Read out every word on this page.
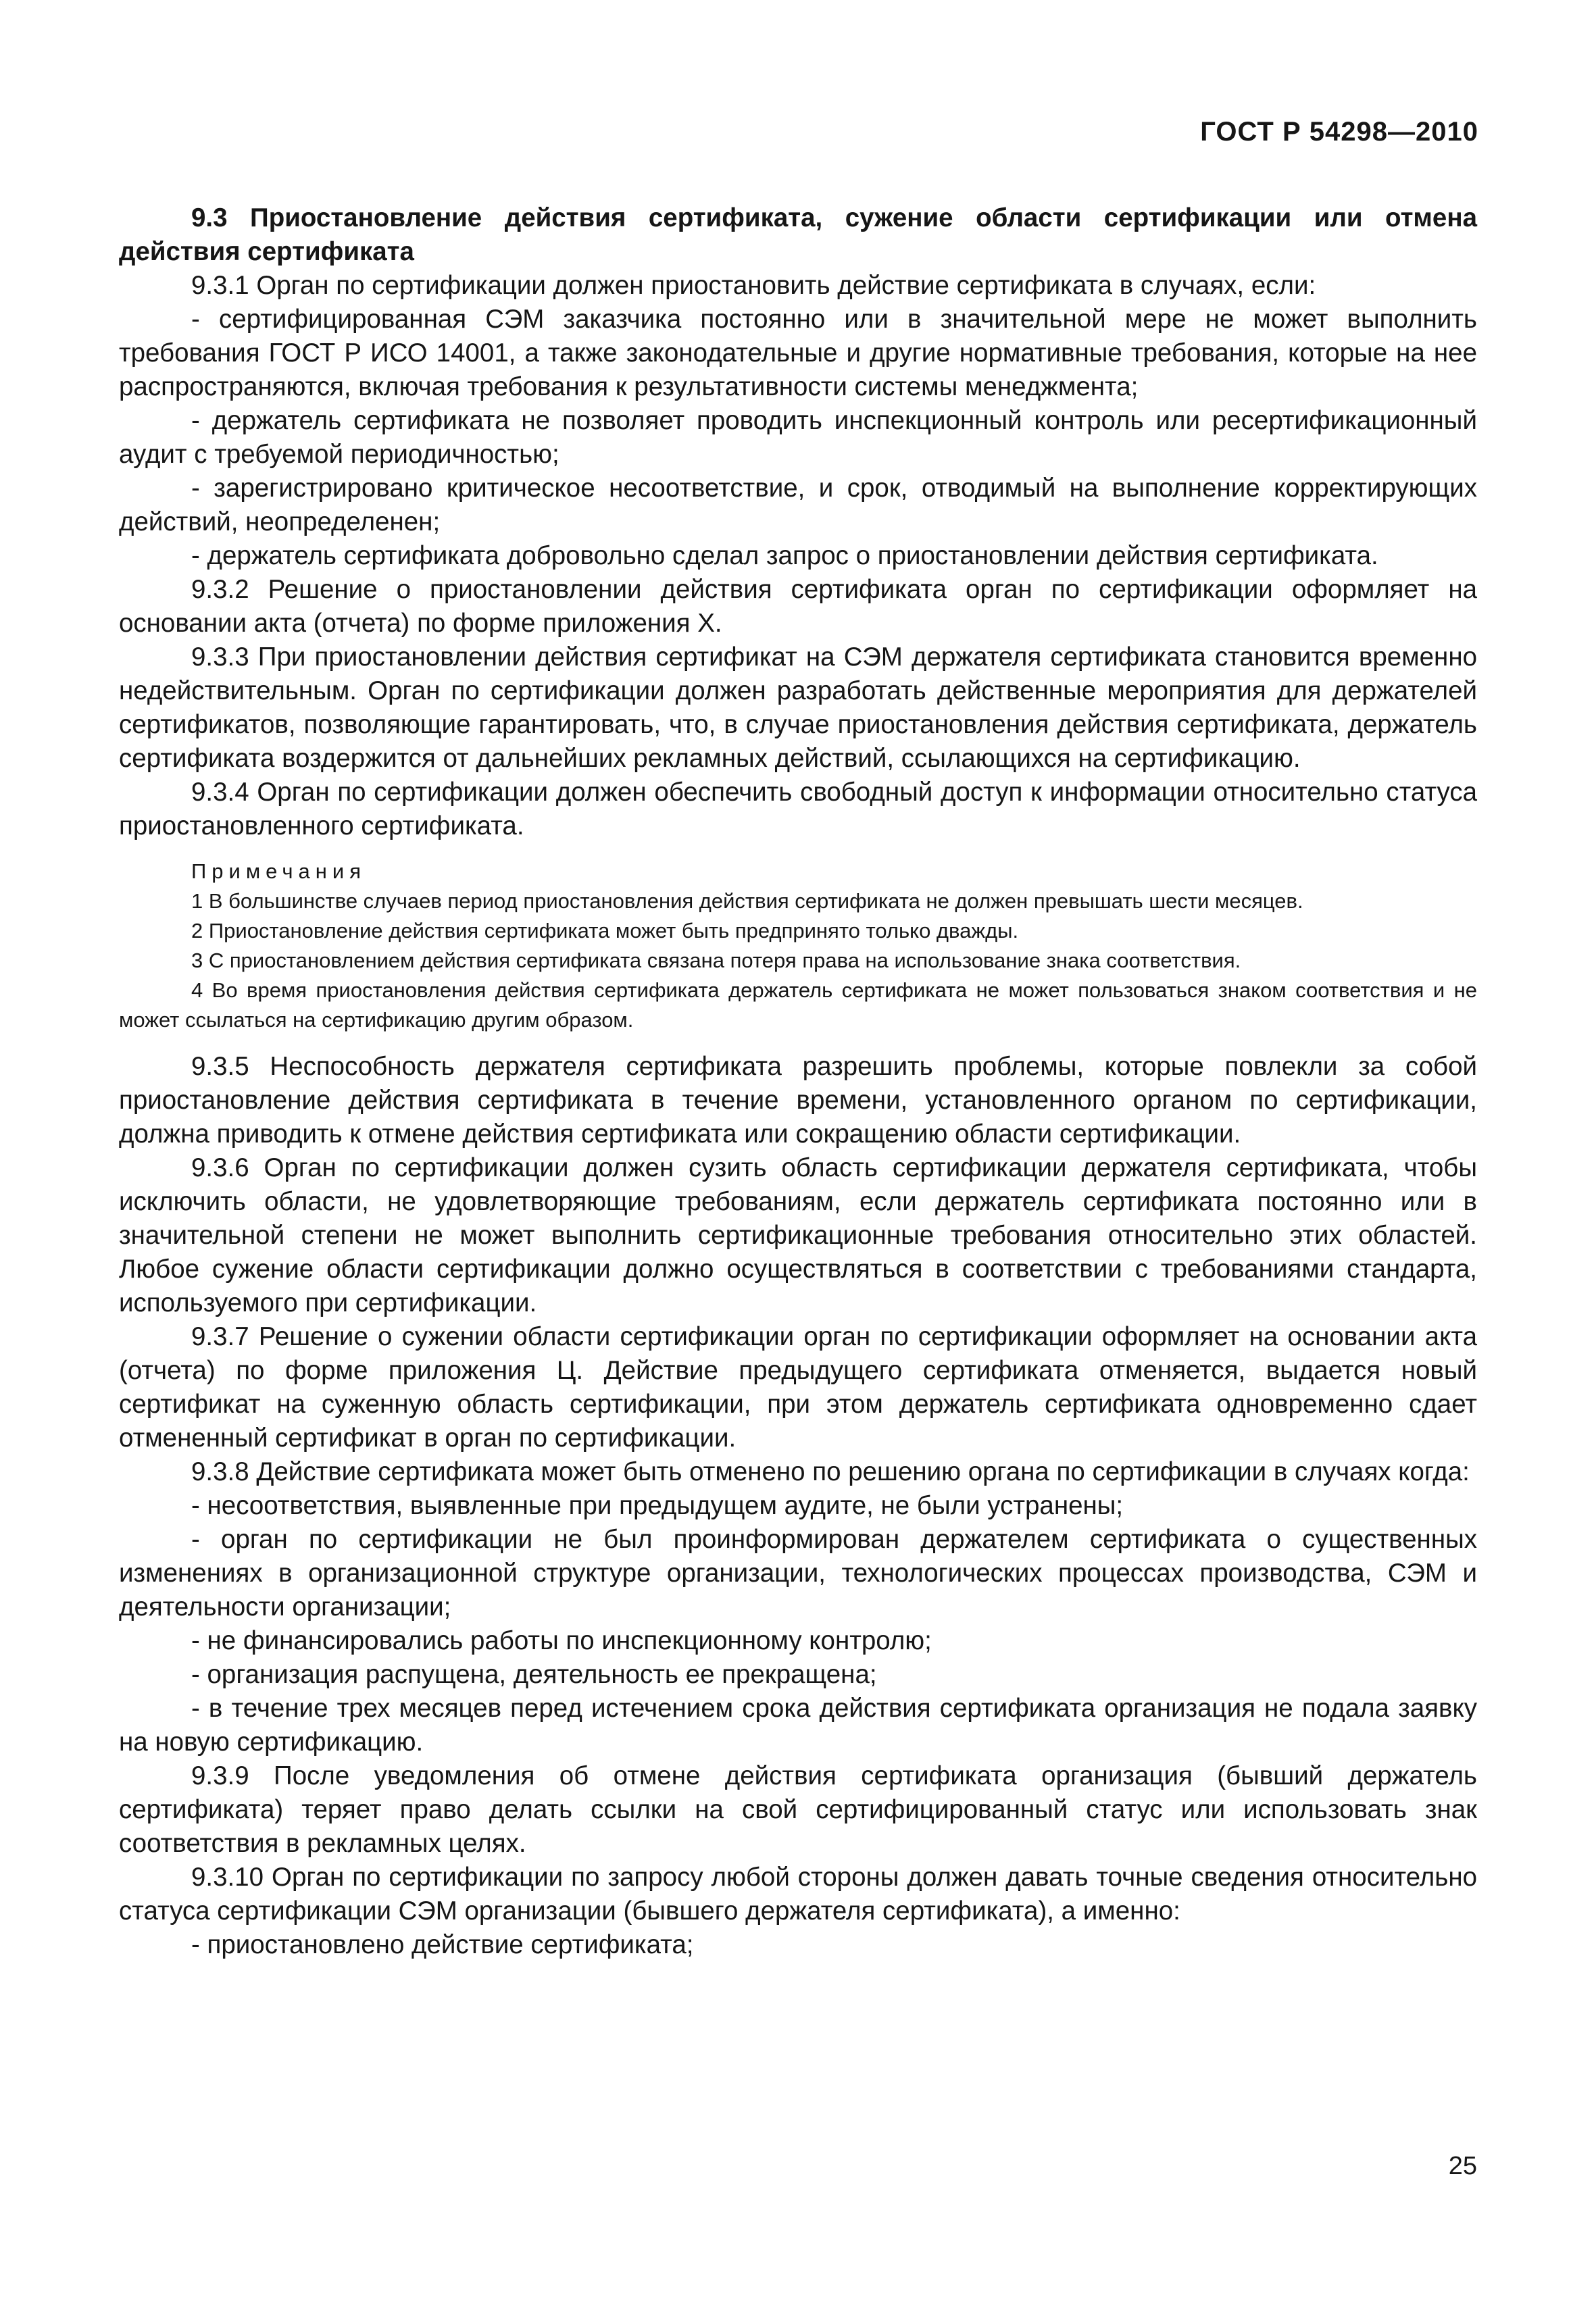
ГОСТ Р 54298—2010

9.3 Приостановление действия сертификата, сужение области сертификации или отмена действия сертификата

9.3.1 Орган по сертификации должен приостановить действие сертификата в случаях, если:

- сертифицированная СЭМ заказчика постоянно или в значительной мере не может выполнить требования ГОСТ Р ИСО 14001, а также законодательные и другие нормативные требования, которые на нее распространяются, включая требования к результативности системы менеджмента;

- держатель сертификата не позволяет проводить инспекционный контроль или ресертификационный аудит с требуемой периодичностью;

- зарегистрировано критическое несоответствие, и срок, отводимый на выполнение корректирующих действий, неопределенен;

- держатель сертификата добровольно сделал запрос о приостановлении действия сертификата.

9.3.2 Решение о приостановлении действия сертификата орган по сертификации оформляет на основании акта (отчета) по форме приложения Х.

9.3.3 При приостановлении действия сертификат на СЭМ держателя сертификата становится временно недействительным. Орган по сертификации должен разработать действенные мероприятия для держателей сертификатов, позволяющие гарантировать, что, в случае приостановления действия сертификата, держатель сертификата воздержится от дальнейших рекламных действий, ссылающихся на сертификацию.

9.3.4 Орган по сертификации должен обеспечить свободный доступ к информации относительно статуса приостановленного сертификата.

Примечания

1 В большинстве случаев период приостановления действия сертификата не должен превышать шести месяцев.

2 Приостановление действия сертификата может быть предпринято только дважды.

3 С приостановлением действия сертификата связана потеря права на использование знака соответствия.

4 Во время приостановления действия сертификата держатель сертификата не может пользоваться знаком соответствия и не может ссылаться на сертификацию другим образом.

9.3.5 Неспособность держателя сертификата разрешить проблемы, которые повлекли за собой приостановление действия сертификата в течение времени, установленного органом по сертификации, должна приводить к отмене действия сертификата или сокращению области сертификации.

9.3.6 Орган по сертификации должен сузить область сертификации держателя сертификата, чтобы исключить области, не удовлетворяющие требованиям, если держатель сертификата постоянно или в значительной степени не может выполнить сертификационные требования относительно этих областей. Любое сужение области сертификации должно осуществляться в соответствии с требованиями стандарта, используемого при сертификации.

9.3.7 Решение о сужении области сертификации орган по сертификации оформляет на основании акта (отчета) по форме приложения Ц. Действие предыдущего сертификата отменяется, выдается новый сертификат на суженную область сертификации, при этом держатель сертификата одновременно сдает отмененный сертификат в орган по сертификации.

9.3.8 Действие сертификата может быть отменено по решению органа по сертификации в случаях когда:

- несоответствия, выявленные при предыдущем аудите, не были устранены;

- орган по сертификации не был проинформирован держателем сертификата о существенных изменениях в организационной структуре организации, технологических процессах производства, СЭМ и деятельности организации;

- не финансировались работы по инспекционному контролю;

- организация распущена, деятельность ее прекращена;

- в течение трех месяцев перед истечением срока действия сертификата организация не подала заявку на новую сертификацию.

9.3.9 После уведомления об отмене действия сертификата организация (бывший держатель сертификата) теряет право делать ссылки на свой сертифицированный статус или использовать знак соответствия в рекламных целях.

9.3.10 Орган по сертификации по запросу любой стороны должен давать точные сведения относительно статуса сертификации СЭМ организации (бывшего держателя сертификата), а именно:

- приостановлено действие сертификата;

25
